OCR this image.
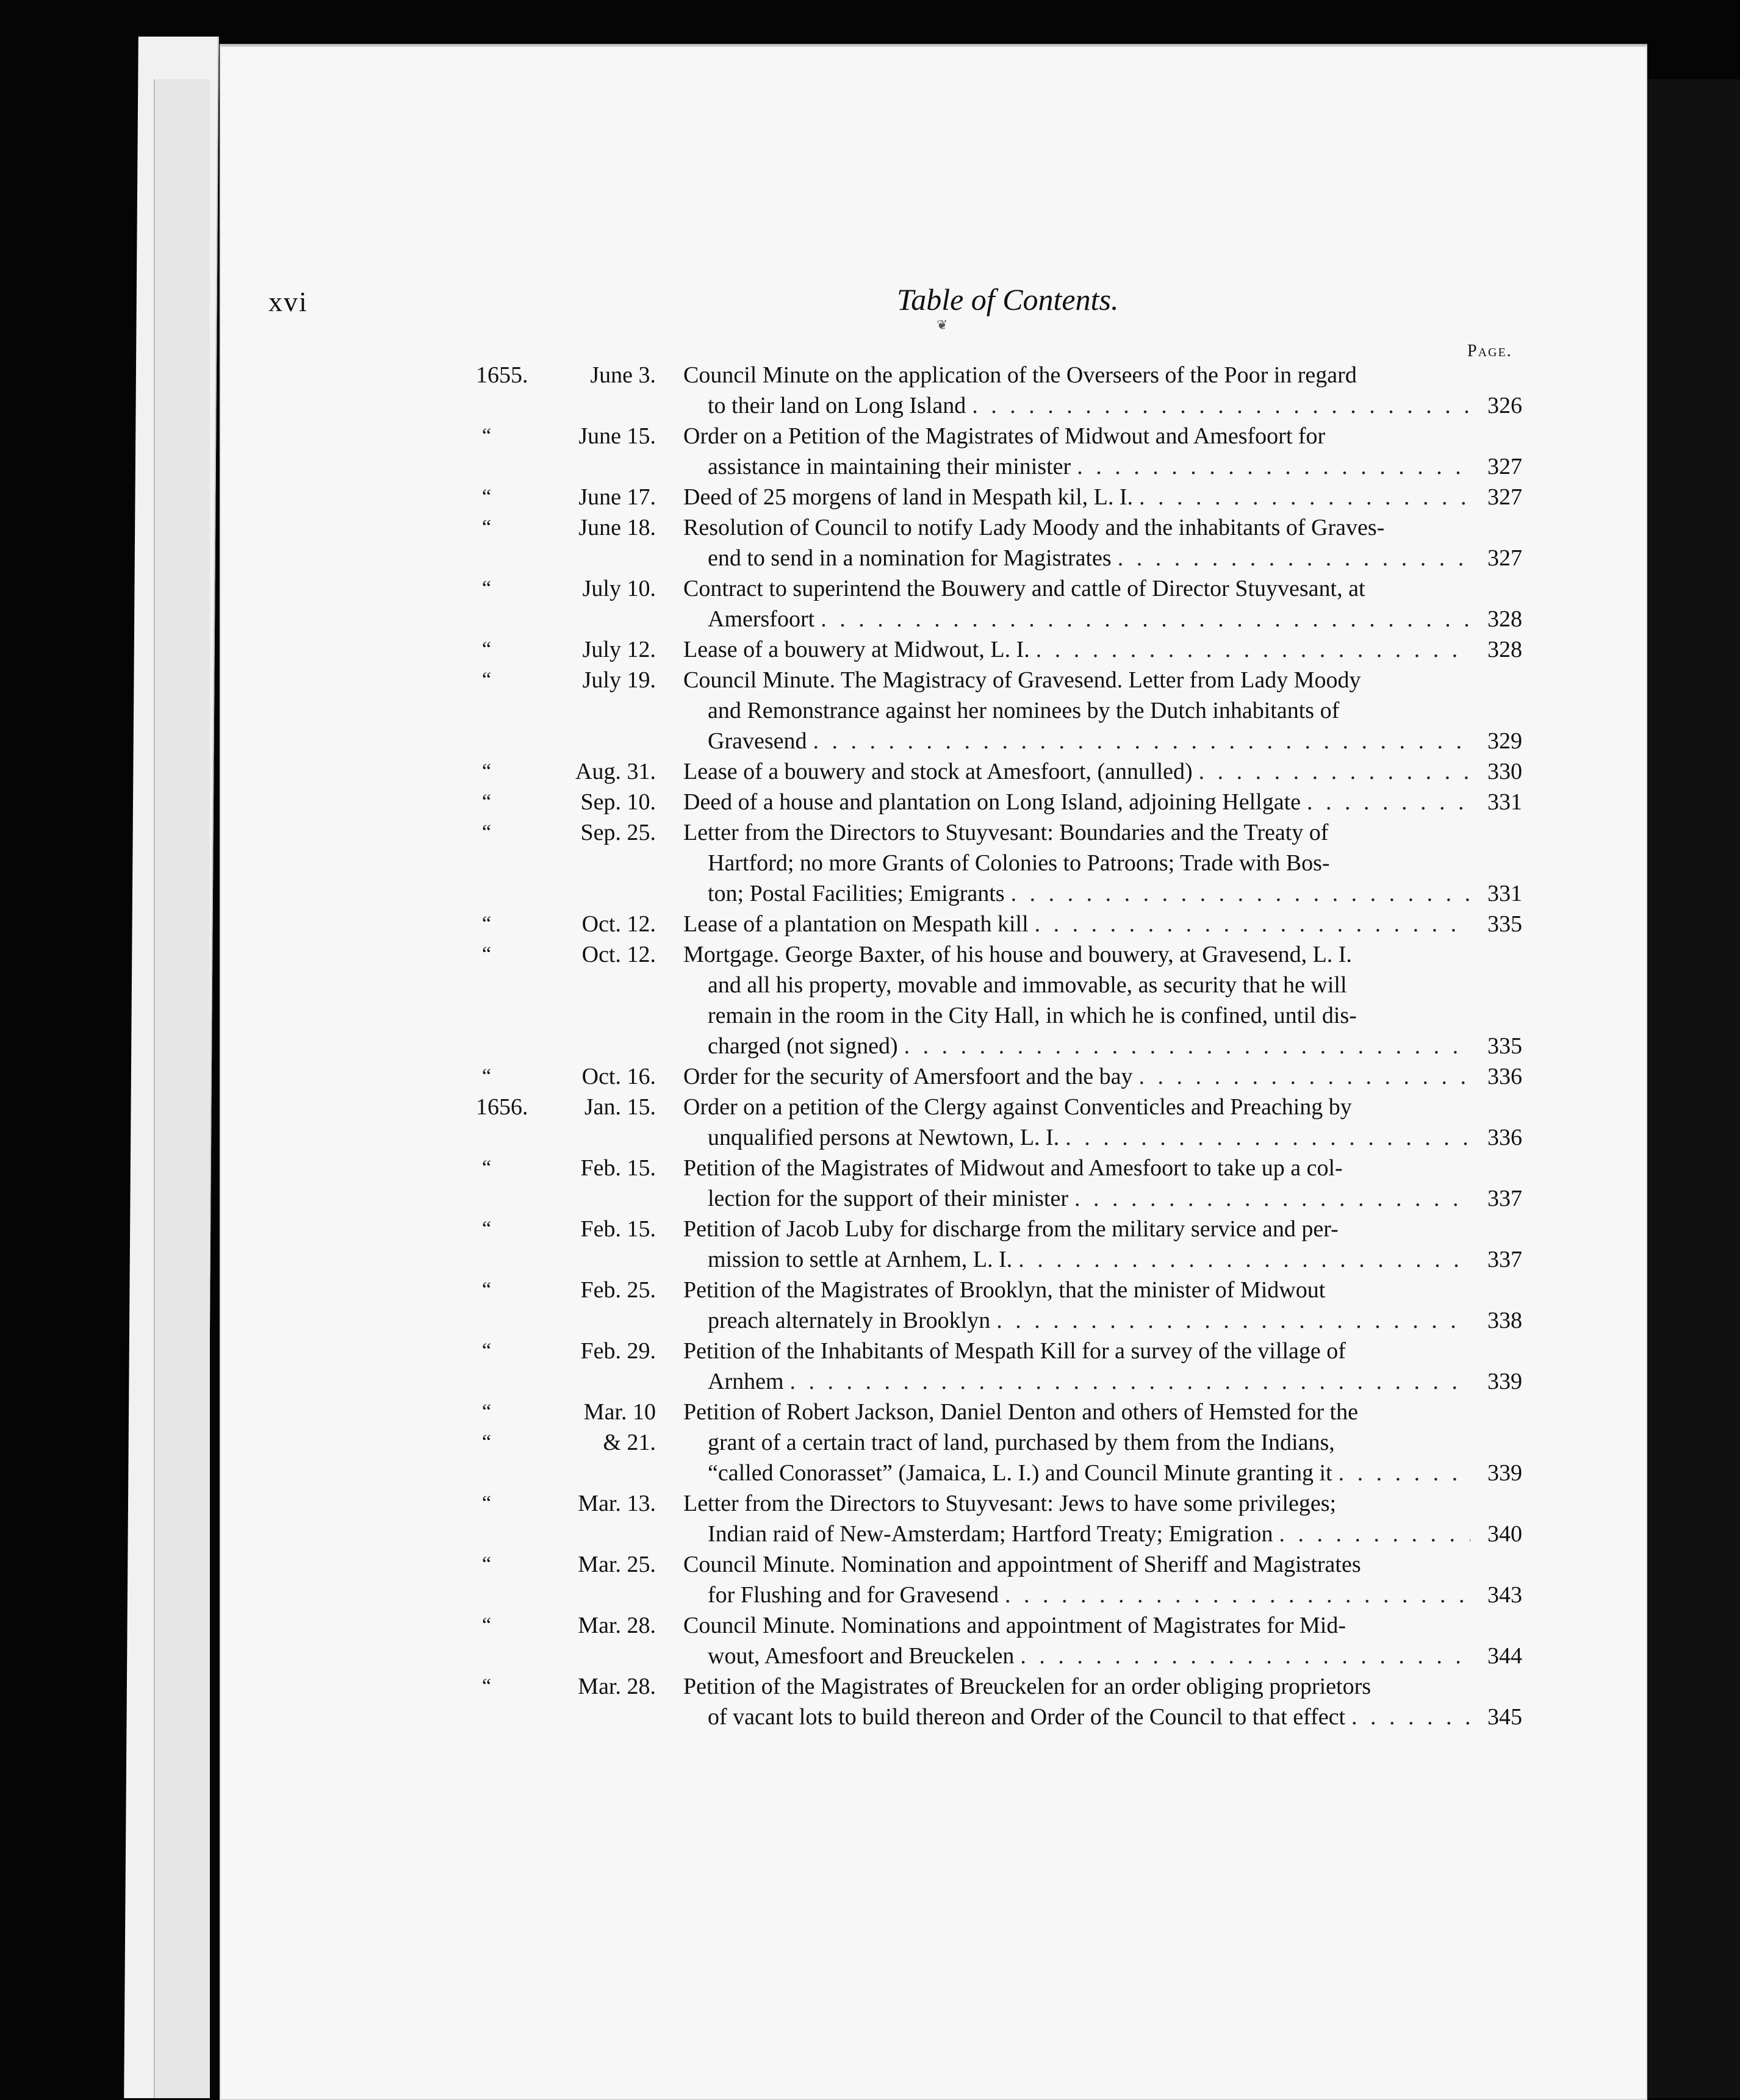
xvi	Table of Contents.
❦
Page.
1655.	June 3. Council Minute on the application of the Overseers of the Poor in regard
to their land on Long Island . . .	326
“	June 15. Order on a Petition of the Magistrates of Midwout and Amesfoort for
assistance in maintaining their minister . . .	327
“	June 17. Deed of 25 morgens of land in Mespath kil, L. I. . . .	327
“	June 18. Resolution of Council to notify Lady Moody and the inhabitants of Graves-
end to send in a nomination for Magistrates . . .	327
“	July 10. Contract to superintend the Bouwery and cattle of Director Stuyvesant, at
Amersfoort . . .	328
“	July 12. Lease of a bouwery at Midwout, L. I. . . .	328
“	July 19. Council Minute. The Magistracy of Gravesend. Letter from Lady Moody
and Remonstrance against her nominees by the Dutch inhabitants of
Gravesend . . .	329
“	Aug. 31. Lease of a bouwery and stock at Amesfoort, (annulled) . . .	330
“	Sep. 10. Deed of a house and plantation on Long Island, adjoining Hellgate . . .	331
“	Sep. 25. Letter from the Directors to Stuyvesant: Boundaries and the Treaty of
Hartford; no more Grants of Colonies to Patroons; Trade with Bos-
ton; Postal Facilities; Emigrants . . .	331
“	Oct. 12. Lease of a plantation on Mespath kill . . .	335
“	Oct. 12. Mortgage. George Baxter, of his house and bouwery, at Gravesend, L. I.
and all his property, movable and immovable, as security that he will
remain in the room in the City Hall, in which he is confined, until dis-
charged (not signed) . . .	335
“	Oct. 16. Order for the security of Amersfoort and the bay . . .	336
1656.	Jan. 15. Order on a petition of the Clergy against Conventicles and Preaching by
unqualified persons at Newtown, L. I. . . .	336
“	Feb. 15. Petition of the Magistrates of Midwout and Amesfoort to take up a col-
lection for the support of their minister . . .	337
“	Feb. 15. Petition of Jacob Luby for discharge from the military service and per-
mission to settle at Arnhem, L. I. . . .	337
“	Feb. 25. Petition of the Magistrates of Brooklyn, that the minister of Midwout
preach alternately in Brooklyn . . .	338
“	Feb. 29. Petition of the Inhabitants of Mespath Kill for a survey of the village of
Arnhem . . .	339
“	Mar. 10
“	& 21.
Petition of Robert Jackson, Daniel Denton and others of Hemsted for the
grant of a certain tract of land, purchased by them from the Indians,
“called Conorasset” (Jamaica, L. I.) and Council Minute granting it . . .	339
“	Mar. 13. Letter from the Directors to Stuyvesant: Jews to have some privileges;
Indian raid of New-Amsterdam; Hartford Treaty; Emigration . . .	340
“	Mar. 25. Council Minute. Nomination and appointment of Sheriff and Magistrates
for Flushing and for Gravesend . . .	343
“	Mar. 28. Council Minute. Nominations and appointment of Magistrates for Mid-
wout, Amesfoort and Breuckelen . . .	344
“	Mar. 28. Petition of the Magistrates of Breuckelen for an order obliging proprietors
of vacant lots to build thereon and Order of the Council to that effect . . .	345
